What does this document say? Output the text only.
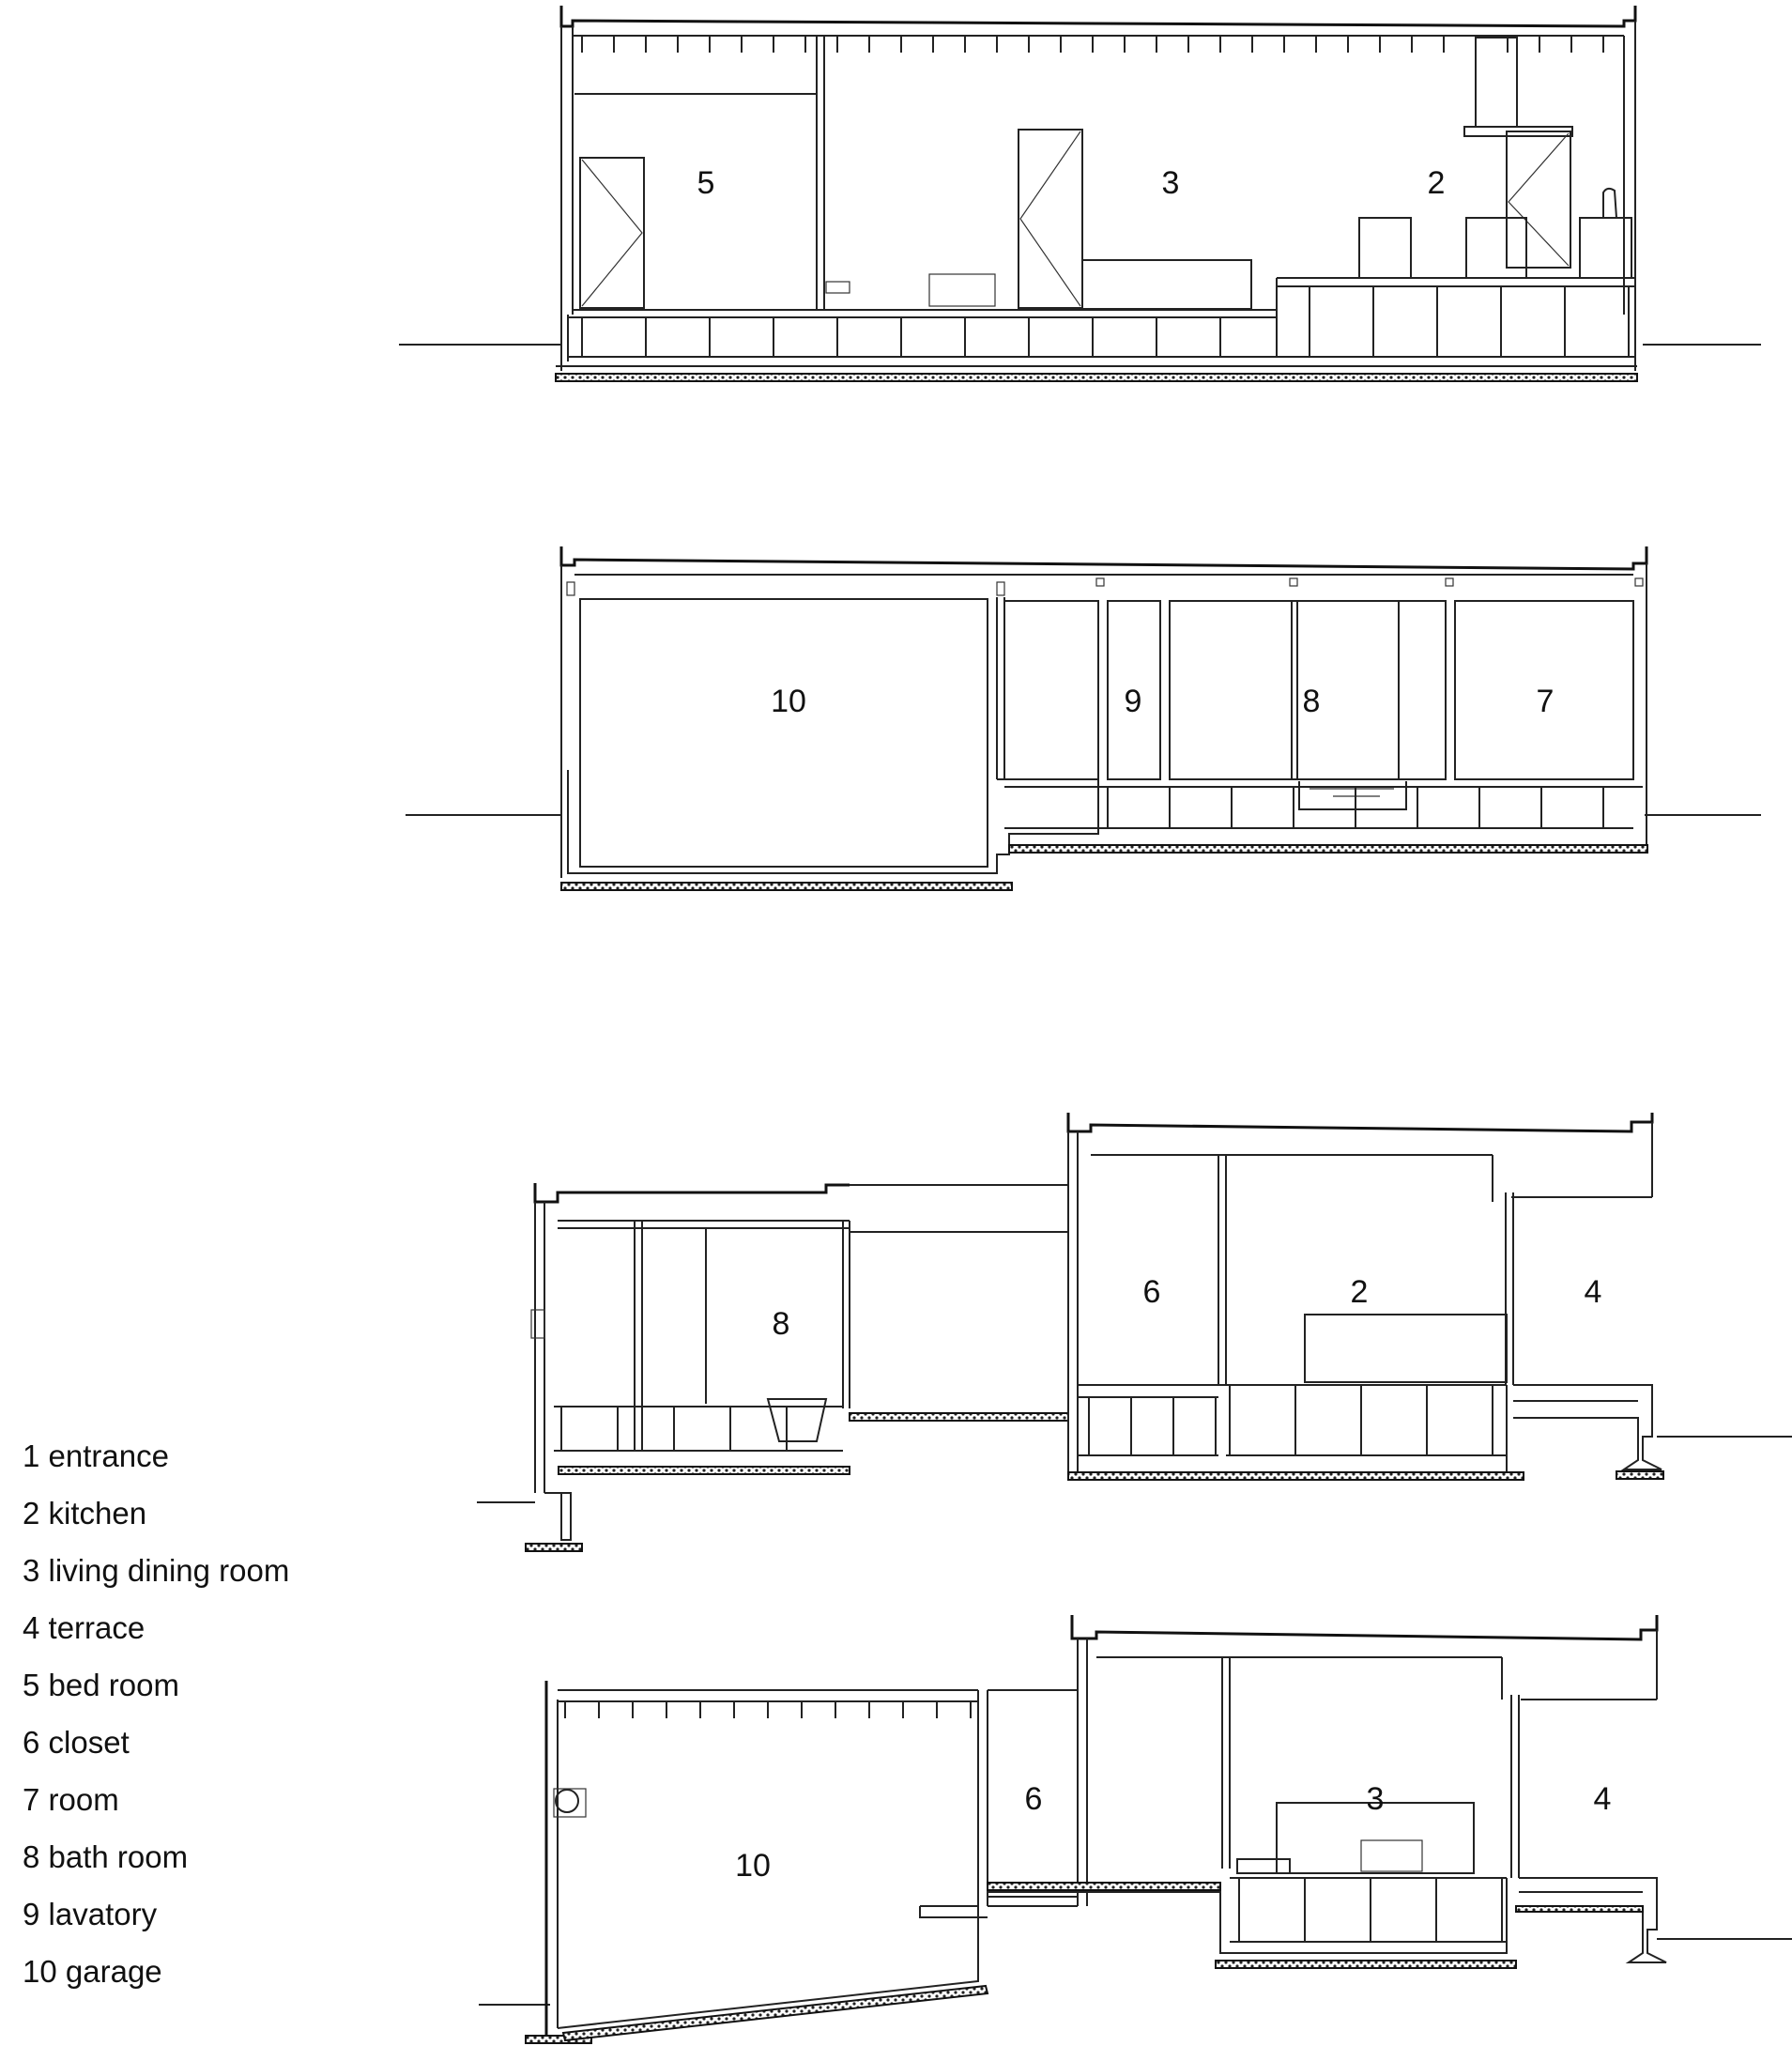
5	3	2
10	9	8	7
8
6	2	4
6
10
3	4
1 entrance
2 kitchen
3 living dining room
4 terrace
5 bed room
6 closet
7 room
8 bath room
9 lavatory
10 garage
